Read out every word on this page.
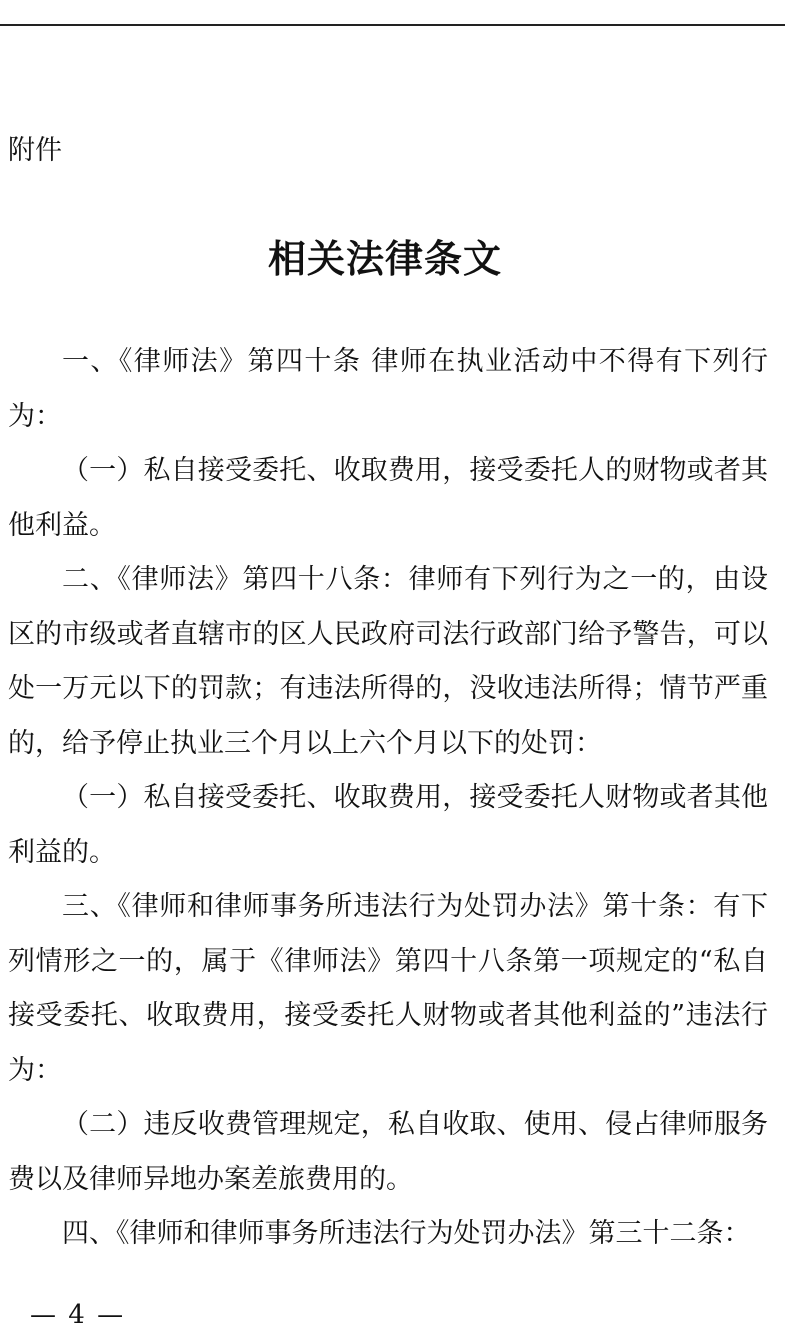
附件
相关法律条文

一、《律师法》第四十条 律师在执业活动中不得有下列行为：

（一）私自接受委托、收取费用，接受委托人的财物或者其他利益。

二、《律师法》第四十八条：律师有下列行为之一的，由设区的市级或者直辖市的区人民政府司法行政部门给予警告，可以处一万元以下的罚款；有违法所得的，没收违法所得；情节严重的，给予停止执业三个月以上六个月以下的处罚：

（一）私自接受委托、收取费用，接受委托人财物或者其他利益的。

三、《律师和律师事务所违法行为处罚办法》第十条：有下列情形之一的，属于《律师法》第四十八条第一项规定的“私自接受委托、收取费用，接受委托人财物或者其他利益的”违法行为：

（二）违反收费管理规定，私自收取、使用、侵占律师服务费以及律师异地办案差旅费用的。

四、《律师和律师事务所违法行为处罚办法》第三十二条：

— 4 —
